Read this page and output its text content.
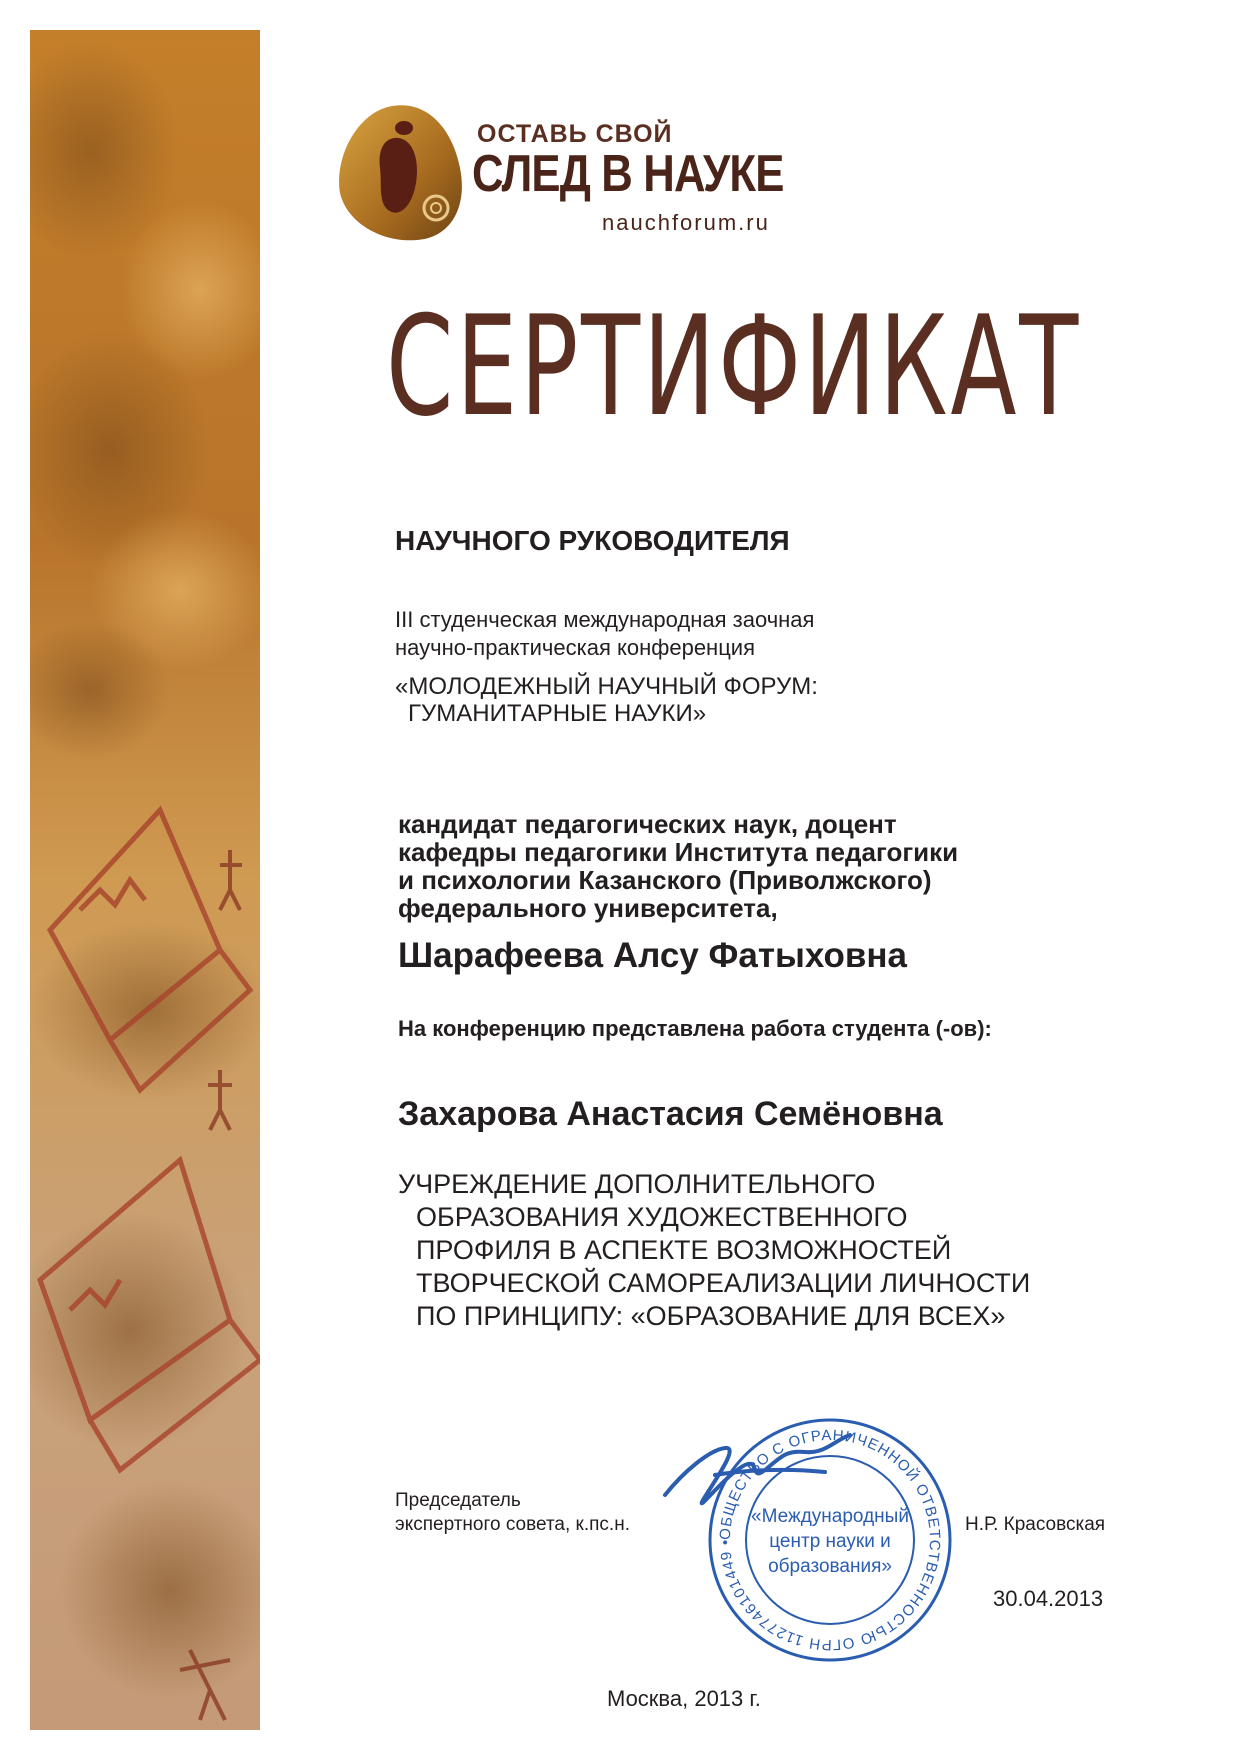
ОСТАВЬ СВОЙ
СЛЕД В НАУКЕ
nauchforum.ru
СЕРТИФИКАТ
НАУЧНОГО РУКОВОДИТЕЛЯ
III студенческая международная заочная
научно-практическая конференция
«МОЛОДЕЖНЫЙ НАУЧНЫЙ ФОРУМ:
ГУМАНИТАРНЫЕ НАУКИ»
кандидат педагогических наук, доцент
кафедры педагогики Института педагогики
и психологии Казанского (Приволжского)
федерального университета,
Шарафеева Алсу Фатыховна
На конференцию представлена работа студента (-ов):
Захарова Анастасия Семёновна
УЧРЕЖДЕНИЕ ДОПОЛНИТЕЛЬНОГО
ОБРАЗОВАНИЯ ХУДОЖЕСТВЕННОГО
ПРОФИЛЯ В АСПЕКТЕ ВОЗМОЖНОСТЕЙ
ТВОРЧЕСКОЙ САМОРЕАЛИЗАЦИИ ЛИЧНОСТИ
ПО ПРИНЦИПУ: «ОБРАЗОВАНИЕ ДЛЯ ВСЕХ»
Председатель
экспертного совета, к.пс.н.	Н.Р. Красовская
30.04.2013
ОБЩЕСТВО С ОГРАНИЧЕННОЙ ОТВЕТСТВЕННОСТЬЮ ОГРН 1127746101449 •
«Международный
центр науки и
образования»
Москва, 2013 г.
